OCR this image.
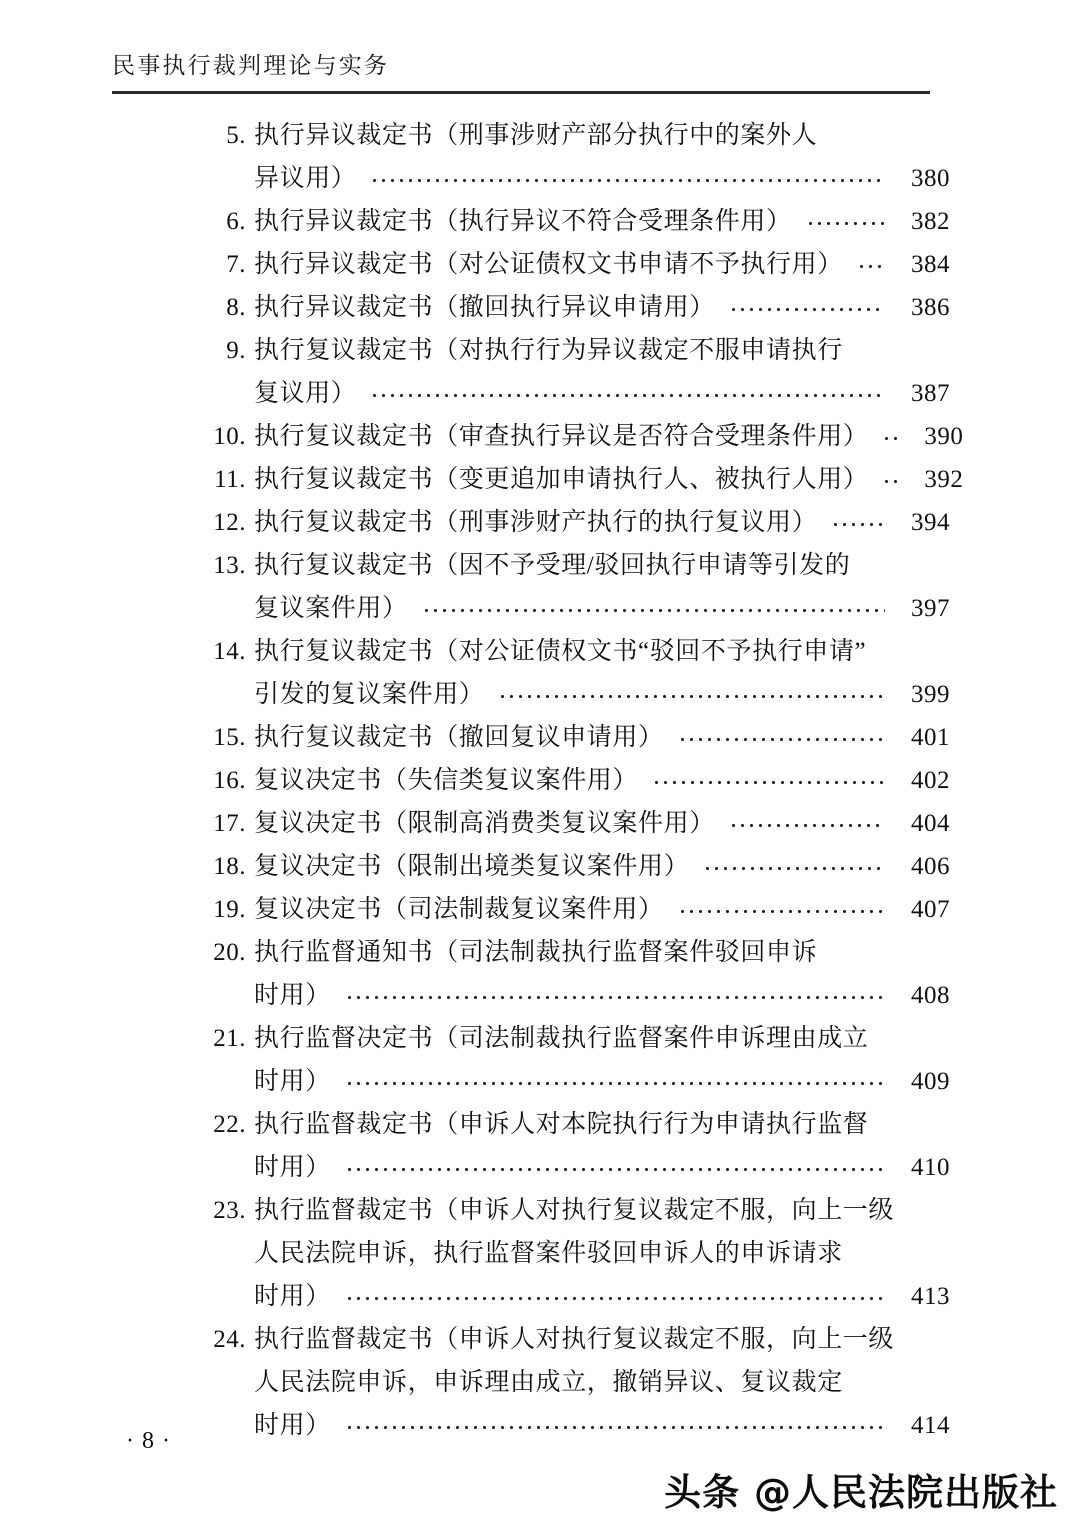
民事执行裁判理论与实务
5. 执行异议裁定书（刑事涉财产部分执行中的案外人
异议用）	380
6. 执行异议裁定书（执行异议不符合受理条件用）	382
7. 执行异议裁定书（对公证债权文书申请不予执行用）	384
8. 执行异议裁定书（撤回执行异议申请用）	386
9. 执行复议裁定书（对执行行为异议裁定不服申请执行
复议用）	387
10. 执行复议裁定书（审查执行异议是否符合受理条件用）	390
11. 执行复议裁定书（变更追加申请执行人、被执行人用）	392
12. 执行复议裁定书（刑事涉财产执行的执行复议用）	394
13. 执行复议裁定书（因不予受理/驳回执行申请等引发的
复议案件用）	397
14. 执行复议裁定书（对公证债权文书“驳回不予执行申请”
引发的复议案件用）	399
15. 执行复议裁定书（撤回复议申请用）	401
16. 复议决定书（失信类复议案件用）	402
17. 复议决定书（限制高消费类复议案件用）	404
18. 复议决定书（限制出境类复议案件用）	406
19. 复议决定书（司法制裁复议案件用）	407
20. 执行监督通知书（司法制裁执行监督案件驳回申诉
时用）	408
21. 执行监督决定书（司法制裁执行监督案件申诉理由成立
时用）	409
22. 执行监督裁定书（申诉人对本院执行行为申请执行监督
时用）	410
23. 执行监督裁定书（申诉人对执行复议裁定不服，向上一级
人民法院申诉，执行监督案件驳回申诉人的申诉请求
时用）	413
24. 执行监督裁定书（申诉人对执行复议裁定不服，向上一级
人民法院申诉，申诉理由成立，撤销异议、复议裁定
时用）	414
· 8 ·
头条 @人民法院出版社
